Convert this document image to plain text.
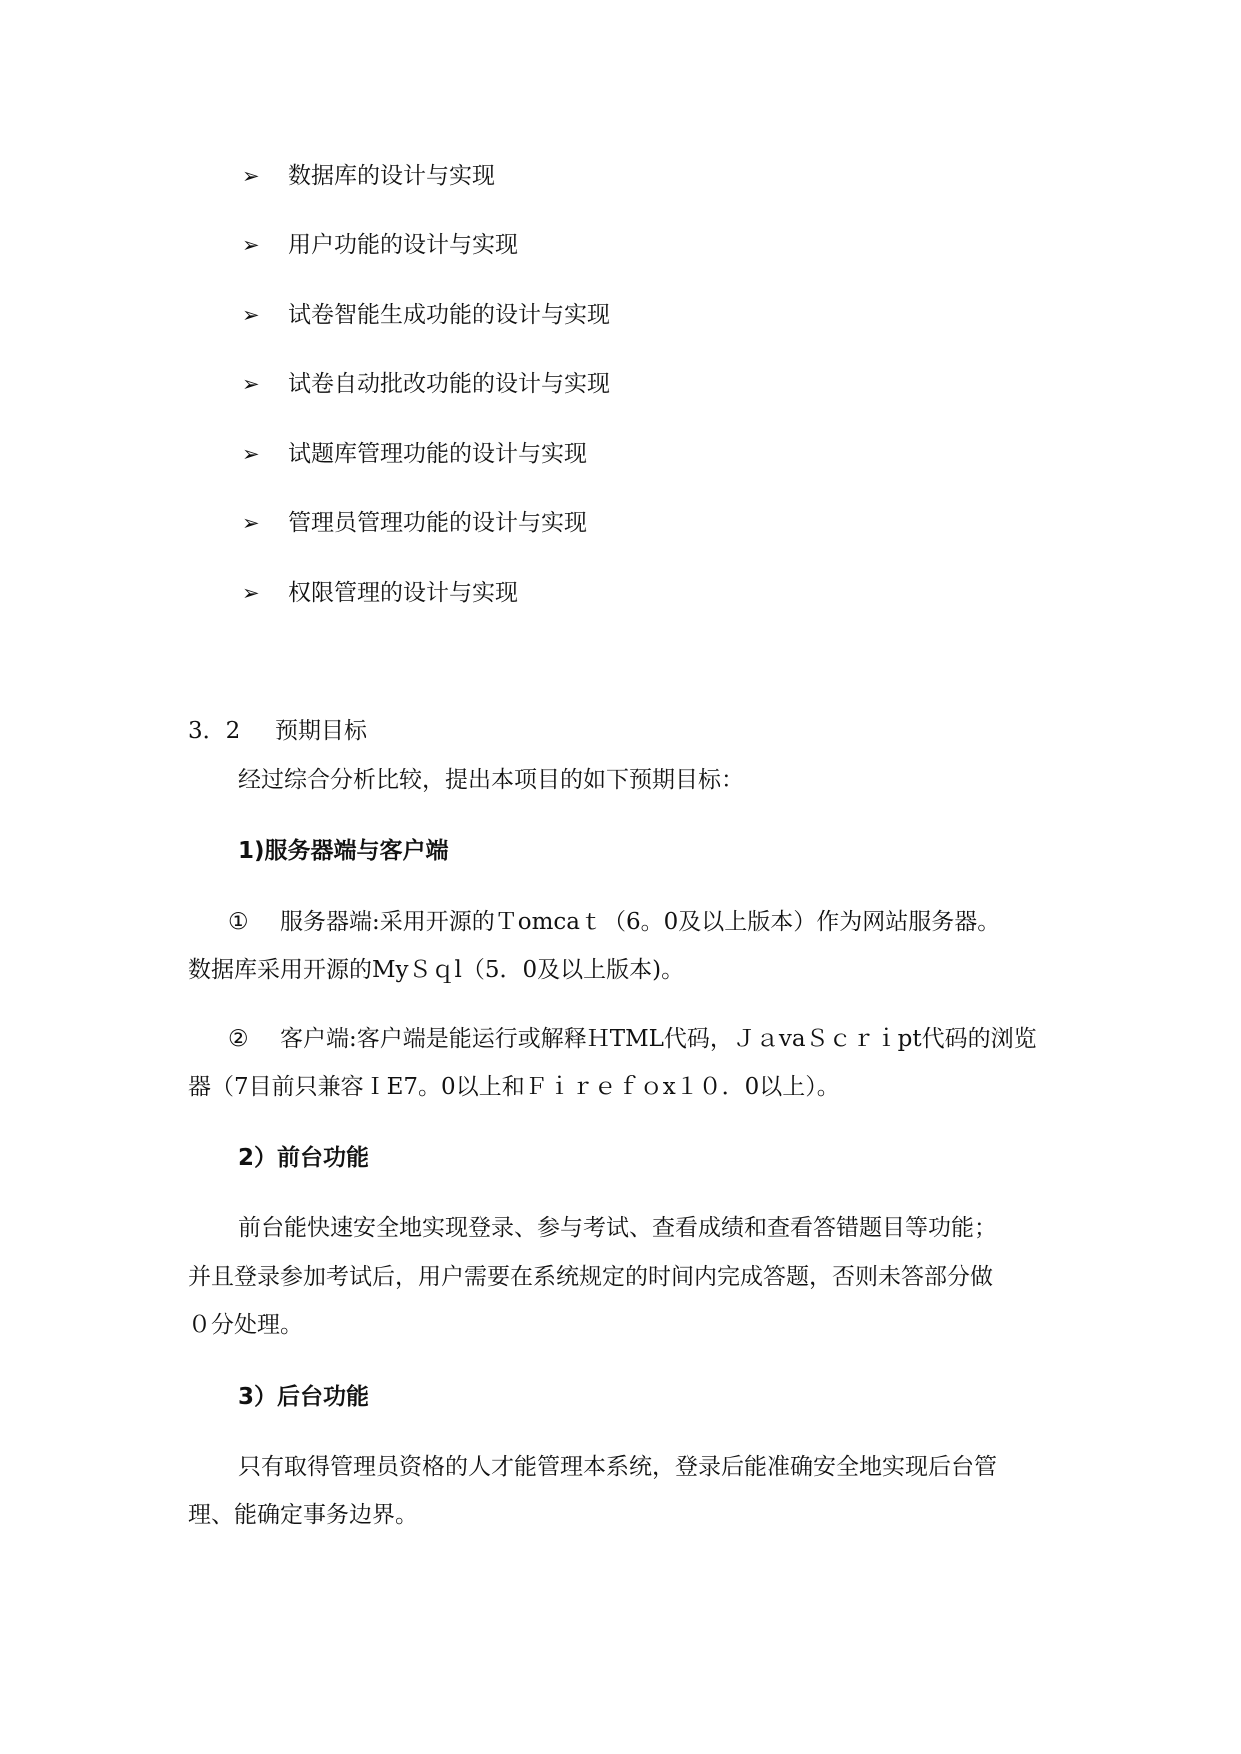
➢ 数据库的设计与实现
➢ 用户功能的设计与实现
➢ 试卷智能生成功能的设计与实现
➢ 试卷自动批改功能的设计与实现
➢ 试题库管理功能的设计与实现
➢ 管理员管理功能的设计与实现
➢ 权限管理的设计与实现
3．2 预期目标
经过综合分析比较，提出本项目的如下预期目标：
1)服务器端与客户端
① 服务器端:采用开源的Ｔomcaｔ（6。0及以上版本）作为网站服务器。
数据库采用开源的MyＳｑl（5．0及以上版本)。
② 客户端:客户端是能运行或解释ＨTML代码，ＪａvaＳｃｒｉpt代码的浏览
器（7目前只兼容ＩE7。0以上和Ｆｉｒｅｆｏx１０．0以上）。
2）前台功能
前台能快速安全地实现登录、参与考试、查看成绩和查看答错题目等功能；
并且登录参加考试后，用户需要在系统规定的时间内完成答题，否则未答部分做
０分处理。
3）后台功能
只有取得管理员资格的人才能管理本系统，登录后能准确安全地实现后台管
理、能确定事务边界。
